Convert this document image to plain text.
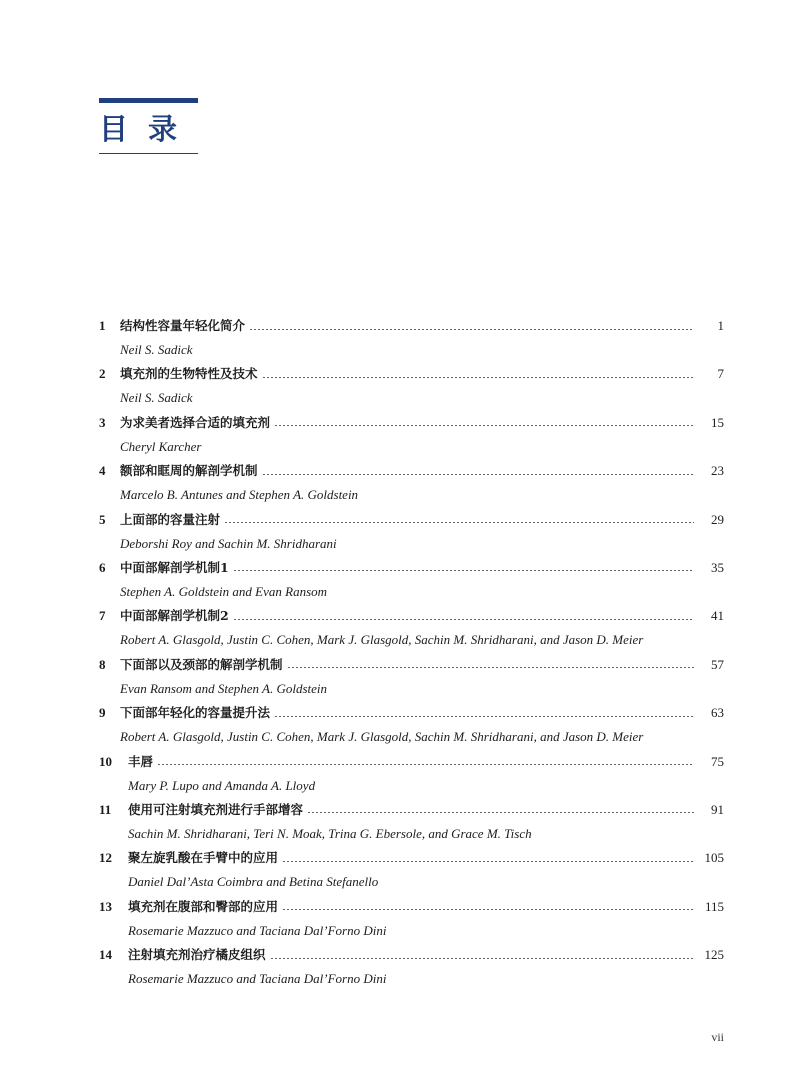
目录
1	结构性容量年轻化简介	1
Neil S. Sadick
2	填充剂的生物特性及技术	7
Neil S. Sadick
3	为求美者选择合适的填充剂	15
Cheryl Karcher
4	额部和眶周的解剖学机制	23
Marcelo B. Antunes and Stephen A. Goldstein
5	上面部的容量注射	29
Deborshi Roy and Sachin M. Shridharani
6	中面部解剖学机制1	35
Stephen A. Goldstein and Evan Ransom
7	中面部解剖学机制2	41
Robert A. Glasgold, Justin C. Cohen, Mark J. Glasgold, Sachin M. Shridharani, and Jason D. Meier
8	下面部以及颈部的解剖学机制	57
Evan Ransom and Stephen A. Goldstein
9	下面部年轻化的容量提升法	63
Robert A. Glasgold, Justin C. Cohen, Mark J. Glasgold, Sachin M. Shridharani, and Jason D. Meier
10	丰唇	75
Mary P. Lupo and Amanda A. Lloyd
11	使用可注射填充剂进行手部增容	91
Sachin M. Shridharani, Teri N. Moak, Trina G. Ebersole, and Grace M. Tisch
12	聚左旋乳酸在手臂中的应用	105
Daniel Dal’Asta Coimbra and Betina Stefanello
13	填充剂在腹部和臀部的应用	115
Rosemarie Mazzuco and Taciana Dal’Forno Dini
14	注射填充剂治疗橘皮组织	125
Rosemarie Mazzuco and Taciana Dal’Forno Dini
vii
